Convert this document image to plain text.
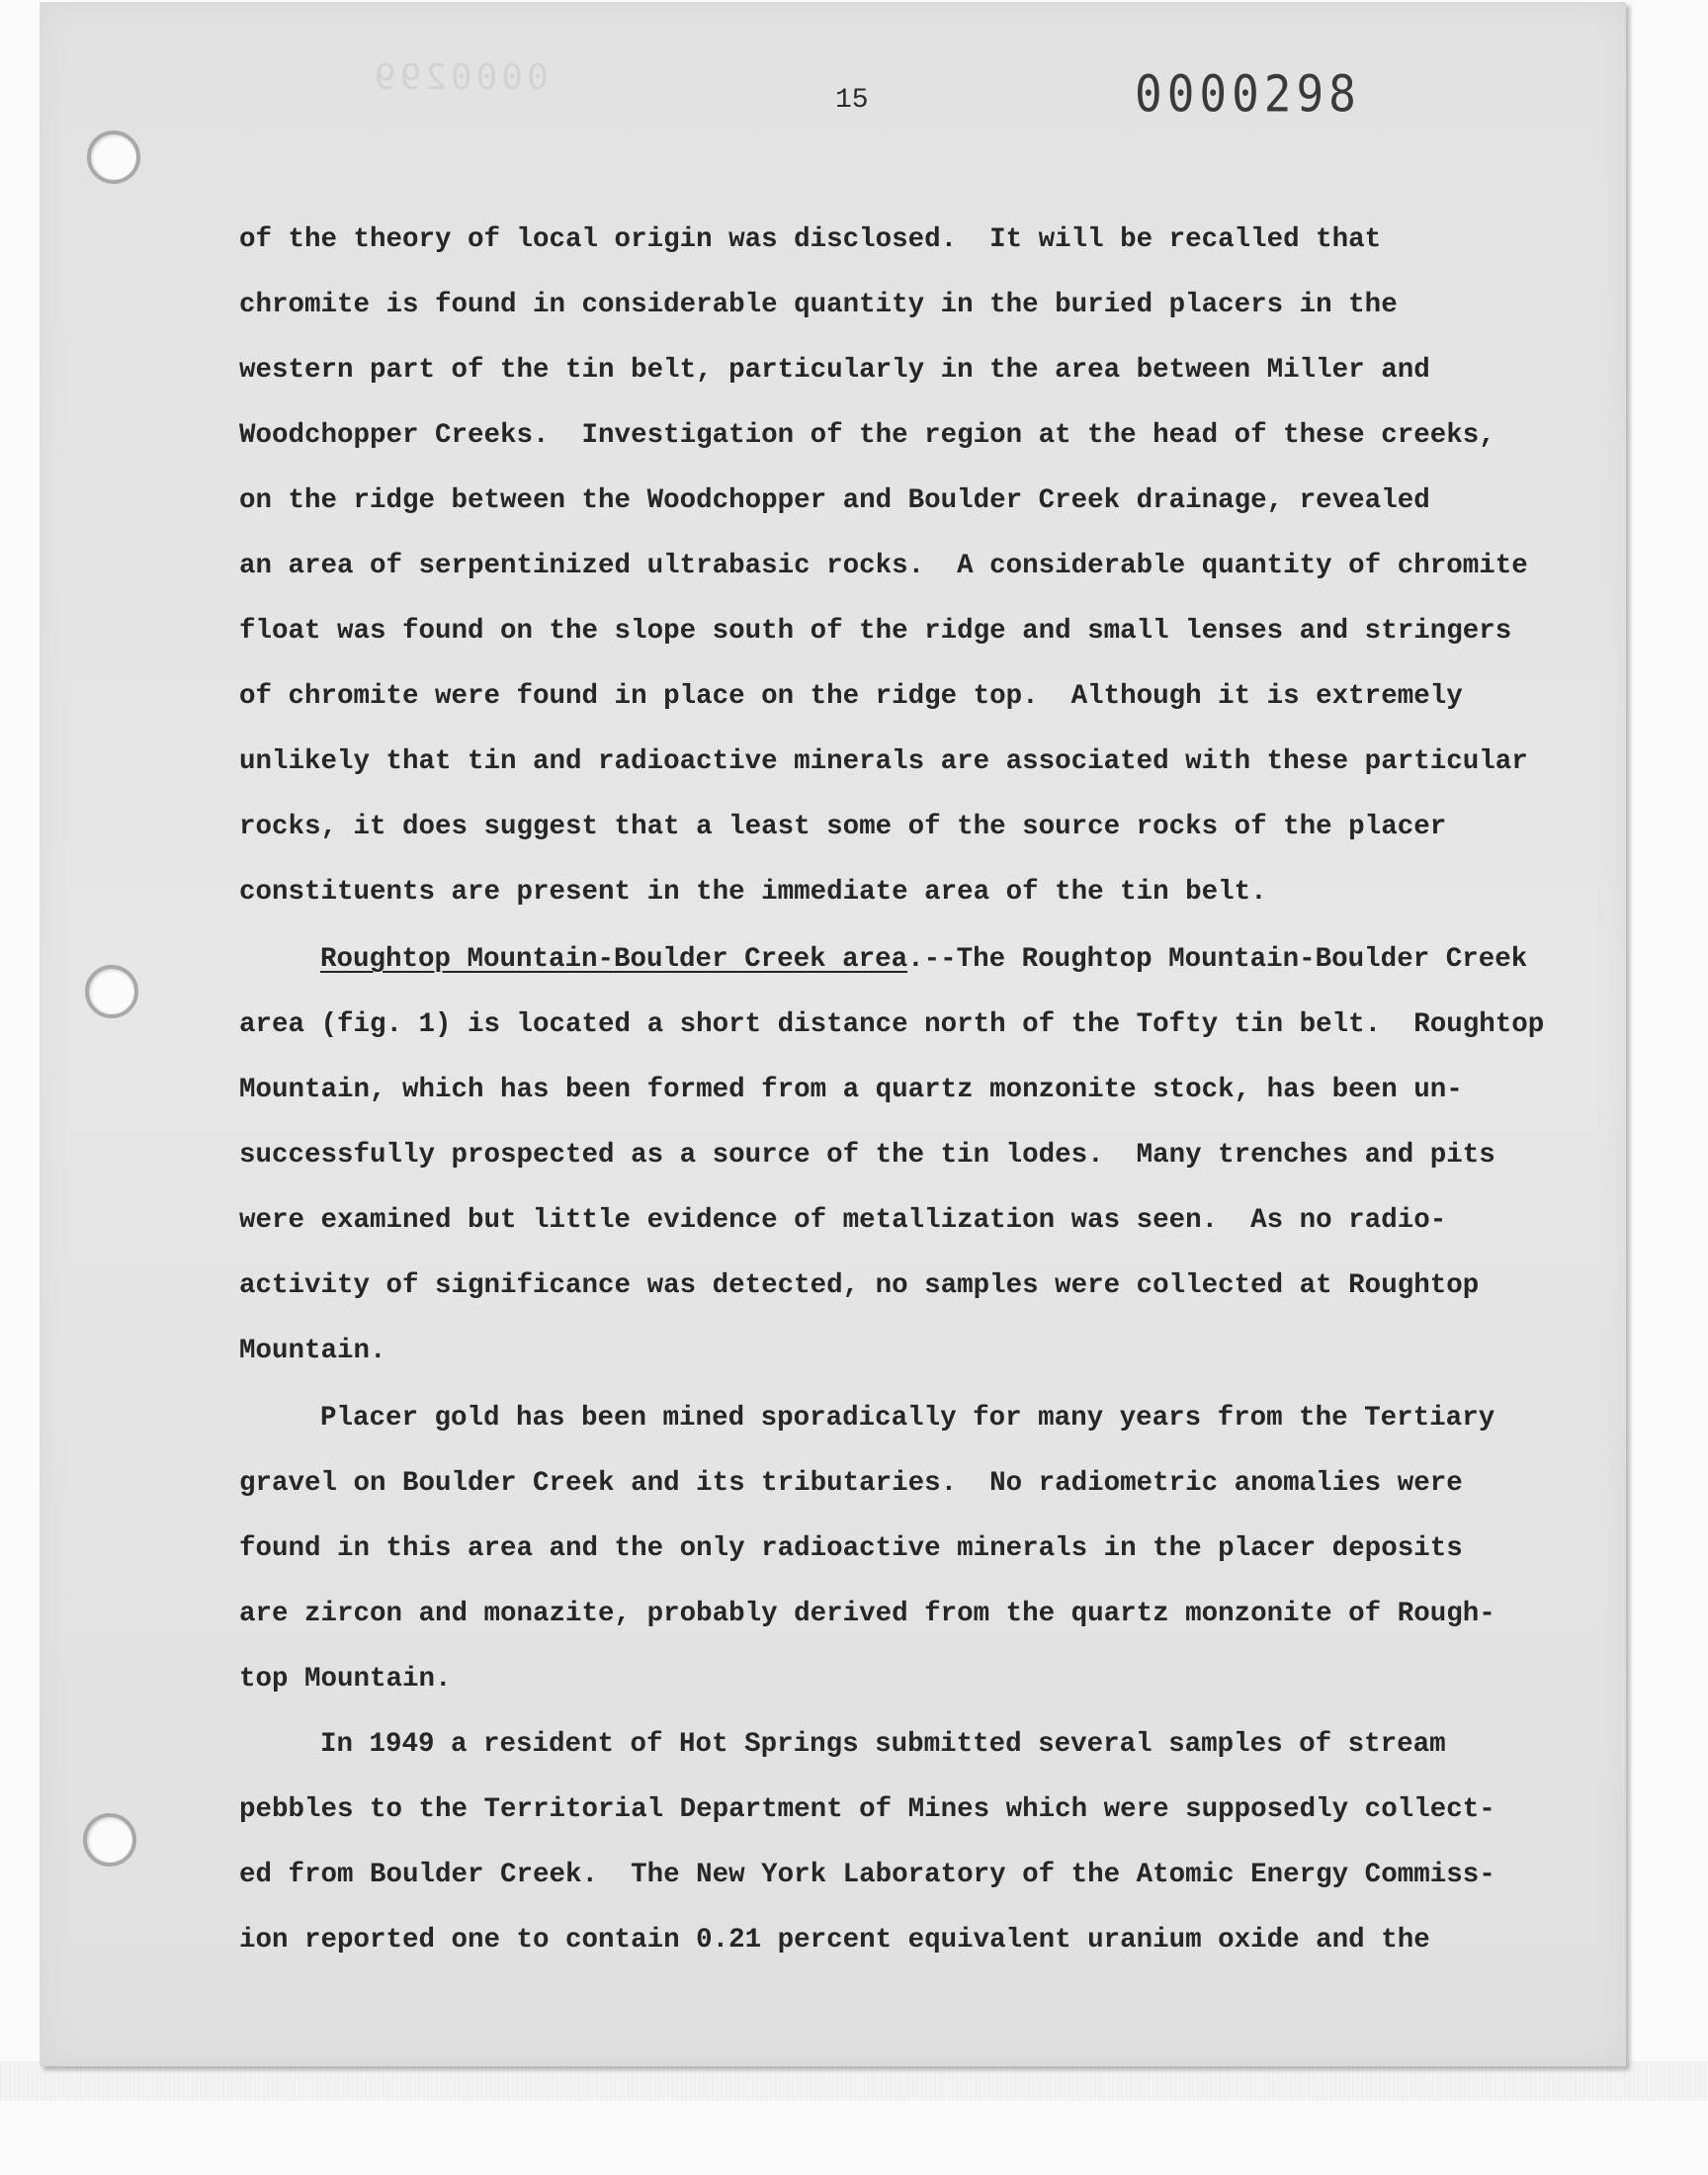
0000299
15	0000298
of the theory of local origin was disclosed.  It will be recalled that
chromite is found in considerable quantity in the buried placers in the
western part of the tin belt, particularly in the area between Miller and
Woodchopper Creeks.  Investigation of the region at the head of these creeks,
on the ridge between the Woodchopper and Boulder Creek drainage, revealed
an area of serpentinized ultrabasic rocks.  A considerable quantity of chromite
float was found on the slope south of the ridge and small lenses and stringers
of chromite were found in place on the ridge top.  Although it is extremely
unlikely that tin and radioactive minerals are associated with these particular
rocks, it does suggest that a least some of the source rocks of the placer
constituents are present in the immediate area of the tin belt.
Roughtop Mountain-Boulder Creek area.--The Roughtop Mountain-Boulder Creek
area (fig. 1) is located a short distance north of the Tofty tin belt.  Roughtop
Mountain, which has been formed from a quartz monzonite stock, has been un-
successfully prospected as a source of the tin lodes.  Many trenches and pits
were examined but little evidence of metallization was seen.  As no radio-
activity of significance was detected, no samples were collected at Roughtop
Mountain.
Placer gold has been mined sporadically for many years from the Tertiary
gravel on Boulder Creek and its tributaries.  No radiometric anomalies were
found in this area and the only radioactive minerals in the placer deposits
are zircon and monazite, probably derived from the quartz monzonite of Rough-
top Mountain.
In 1949 a resident of Hot Springs submitted several samples of stream
pebbles to the Territorial Department of Mines which were supposedly collect-
ed from Boulder Creek.  The New York Laboratory of the Atomic Energy Commiss-
ion reported one to contain 0.21 percent equivalent uranium oxide and the
